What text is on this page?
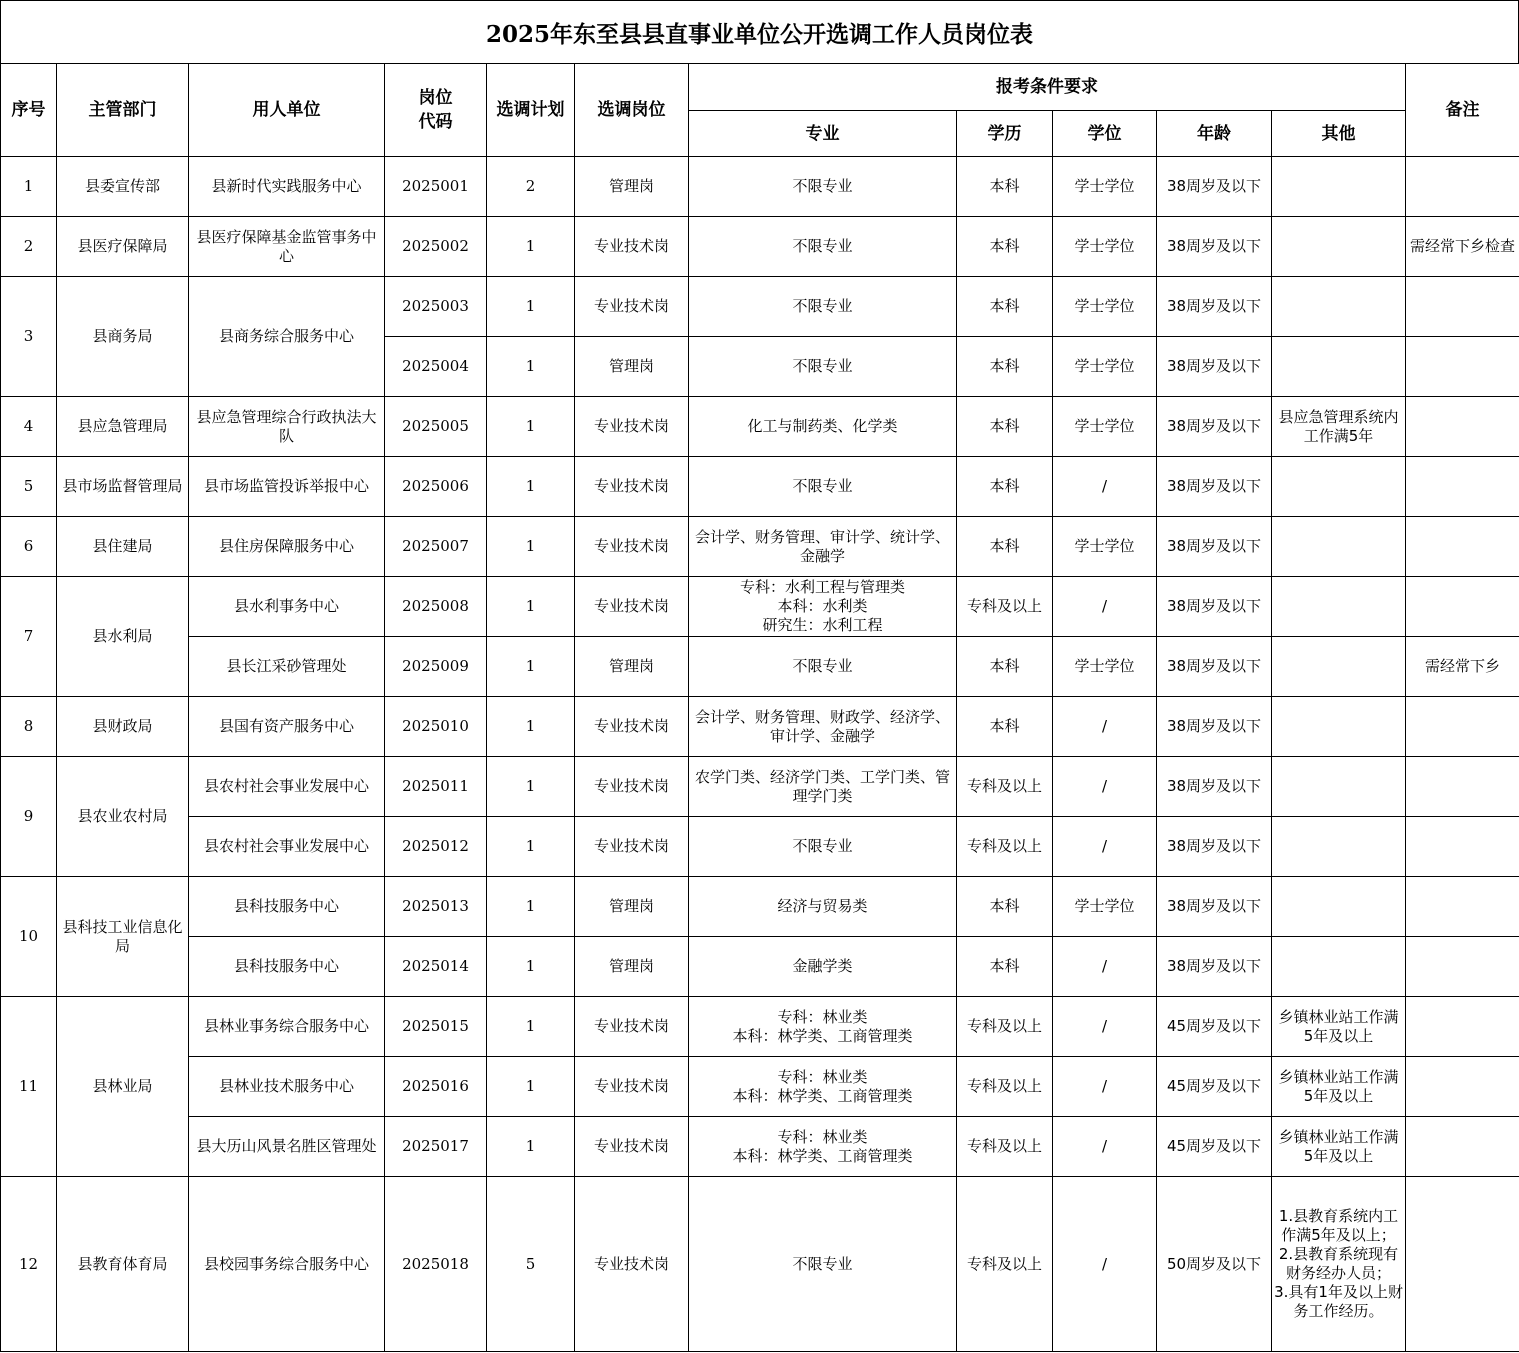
2025年东至县县直事业单位公开选调工作人员岗位表
序号	主管部门	用人单位	岗位代码	选调计划	选调岗位	报考条件要求					备注
						专业	学历	学位	年龄	其他	
1	县委宣传部	县新时代实践服务中心	2025001	2	管理岗	不限专业	本科	学士学位	38周岁及以下		
2	县医疗保障局	县医疗保障基金监管事务中心	2025002	1	专业技术岗	不限专业	本科	学士学位	38周岁及以下		需经常下乡检查
3	县商务局	县商务综合服务中心	2025003	1	专业技术岗	不限专业	本科	学士学位	38周岁及以下		
			2025004	1	管理岗	不限专业	本科	学士学位	38周岁及以下		
4	县应急管理局	县应急管理综合行政执法大队	2025005	1	专业技术岗	化工与制药类、化学类	本科	学士学位	38周岁及以下	县应急管理系统内工作满5年	
5	县市场监督管理局	县市场监管投诉举报中心	2025006	1	专业技术岗	不限专业	本科	/	38周岁及以下		
6	县住建局	县住房保障服务中心	2025007	1	专业技术岗	会计学、财务管理、审计学、统计学、金融学	本科	学士学位	38周岁及以下		
7	县水利局	县水利事务中心	2025008	1	专业技术岗	专科：水利工程与管理类
本科：水利类
研究生：水利工程	专科及以上	/	38周岁及以下		
		县长江采砂管理处	2025009	1	管理岗	不限专业	本科	学士学位	38周岁及以下		需经常下乡
8	县财政局	县国有资产服务中心	2025010	1	专业技术岗	会计学、财务管理、财政学、经济学、审计学、金融学	本科	/	38周岁及以下		
9	县农业农村局	县农村社会事业发展中心	2025011	1	专业技术岗	农学门类、经济学门类、工学门类、管理学门类	专科及以上	/	38周岁及以下		
		县农村社会事业发展中心	2025012	1	专业技术岗	不限专业	专科及以上	/	38周岁及以下		
10	县科技工业信息化局	县科技服务中心	2025013	1	管理岗	经济与贸易类	本科	学士学位	38周岁及以下		
		县科技服务中心	2025014	1	管理岗	金融学类	本科	/	38周岁及以下		
11	县林业局	县林业事务综合服务中心	2025015	1	专业技术岗	专科：林业类
本科：林学类、工商管理类	专科及以上	/	45周岁及以下	乡镇林业站工作满5年及以上	
		县林业技术服务中心	2025016	1	专业技术岗	专科：林业类
本科：林学类、工商管理类	专科及以上	/	45周岁及以下	乡镇林业站工作满5年及以上	
		县大历山风景名胜区管理处	2025017	1	专业技术岗	专科：林业类
本科：林学类、工商管理类	专科及以上	/	45周岁及以下	乡镇林业站工作满5年及以上	
12	县教育体育局	县校园事务综合服务中心	2025018	5	专业技术岗	不限专业	专科及以上	/	50周岁及以下	1.县教育系统内工作满5年及以上；
2.县教育系统现有财务经办人员；
3.具有1年及以上财务工作经历。	
